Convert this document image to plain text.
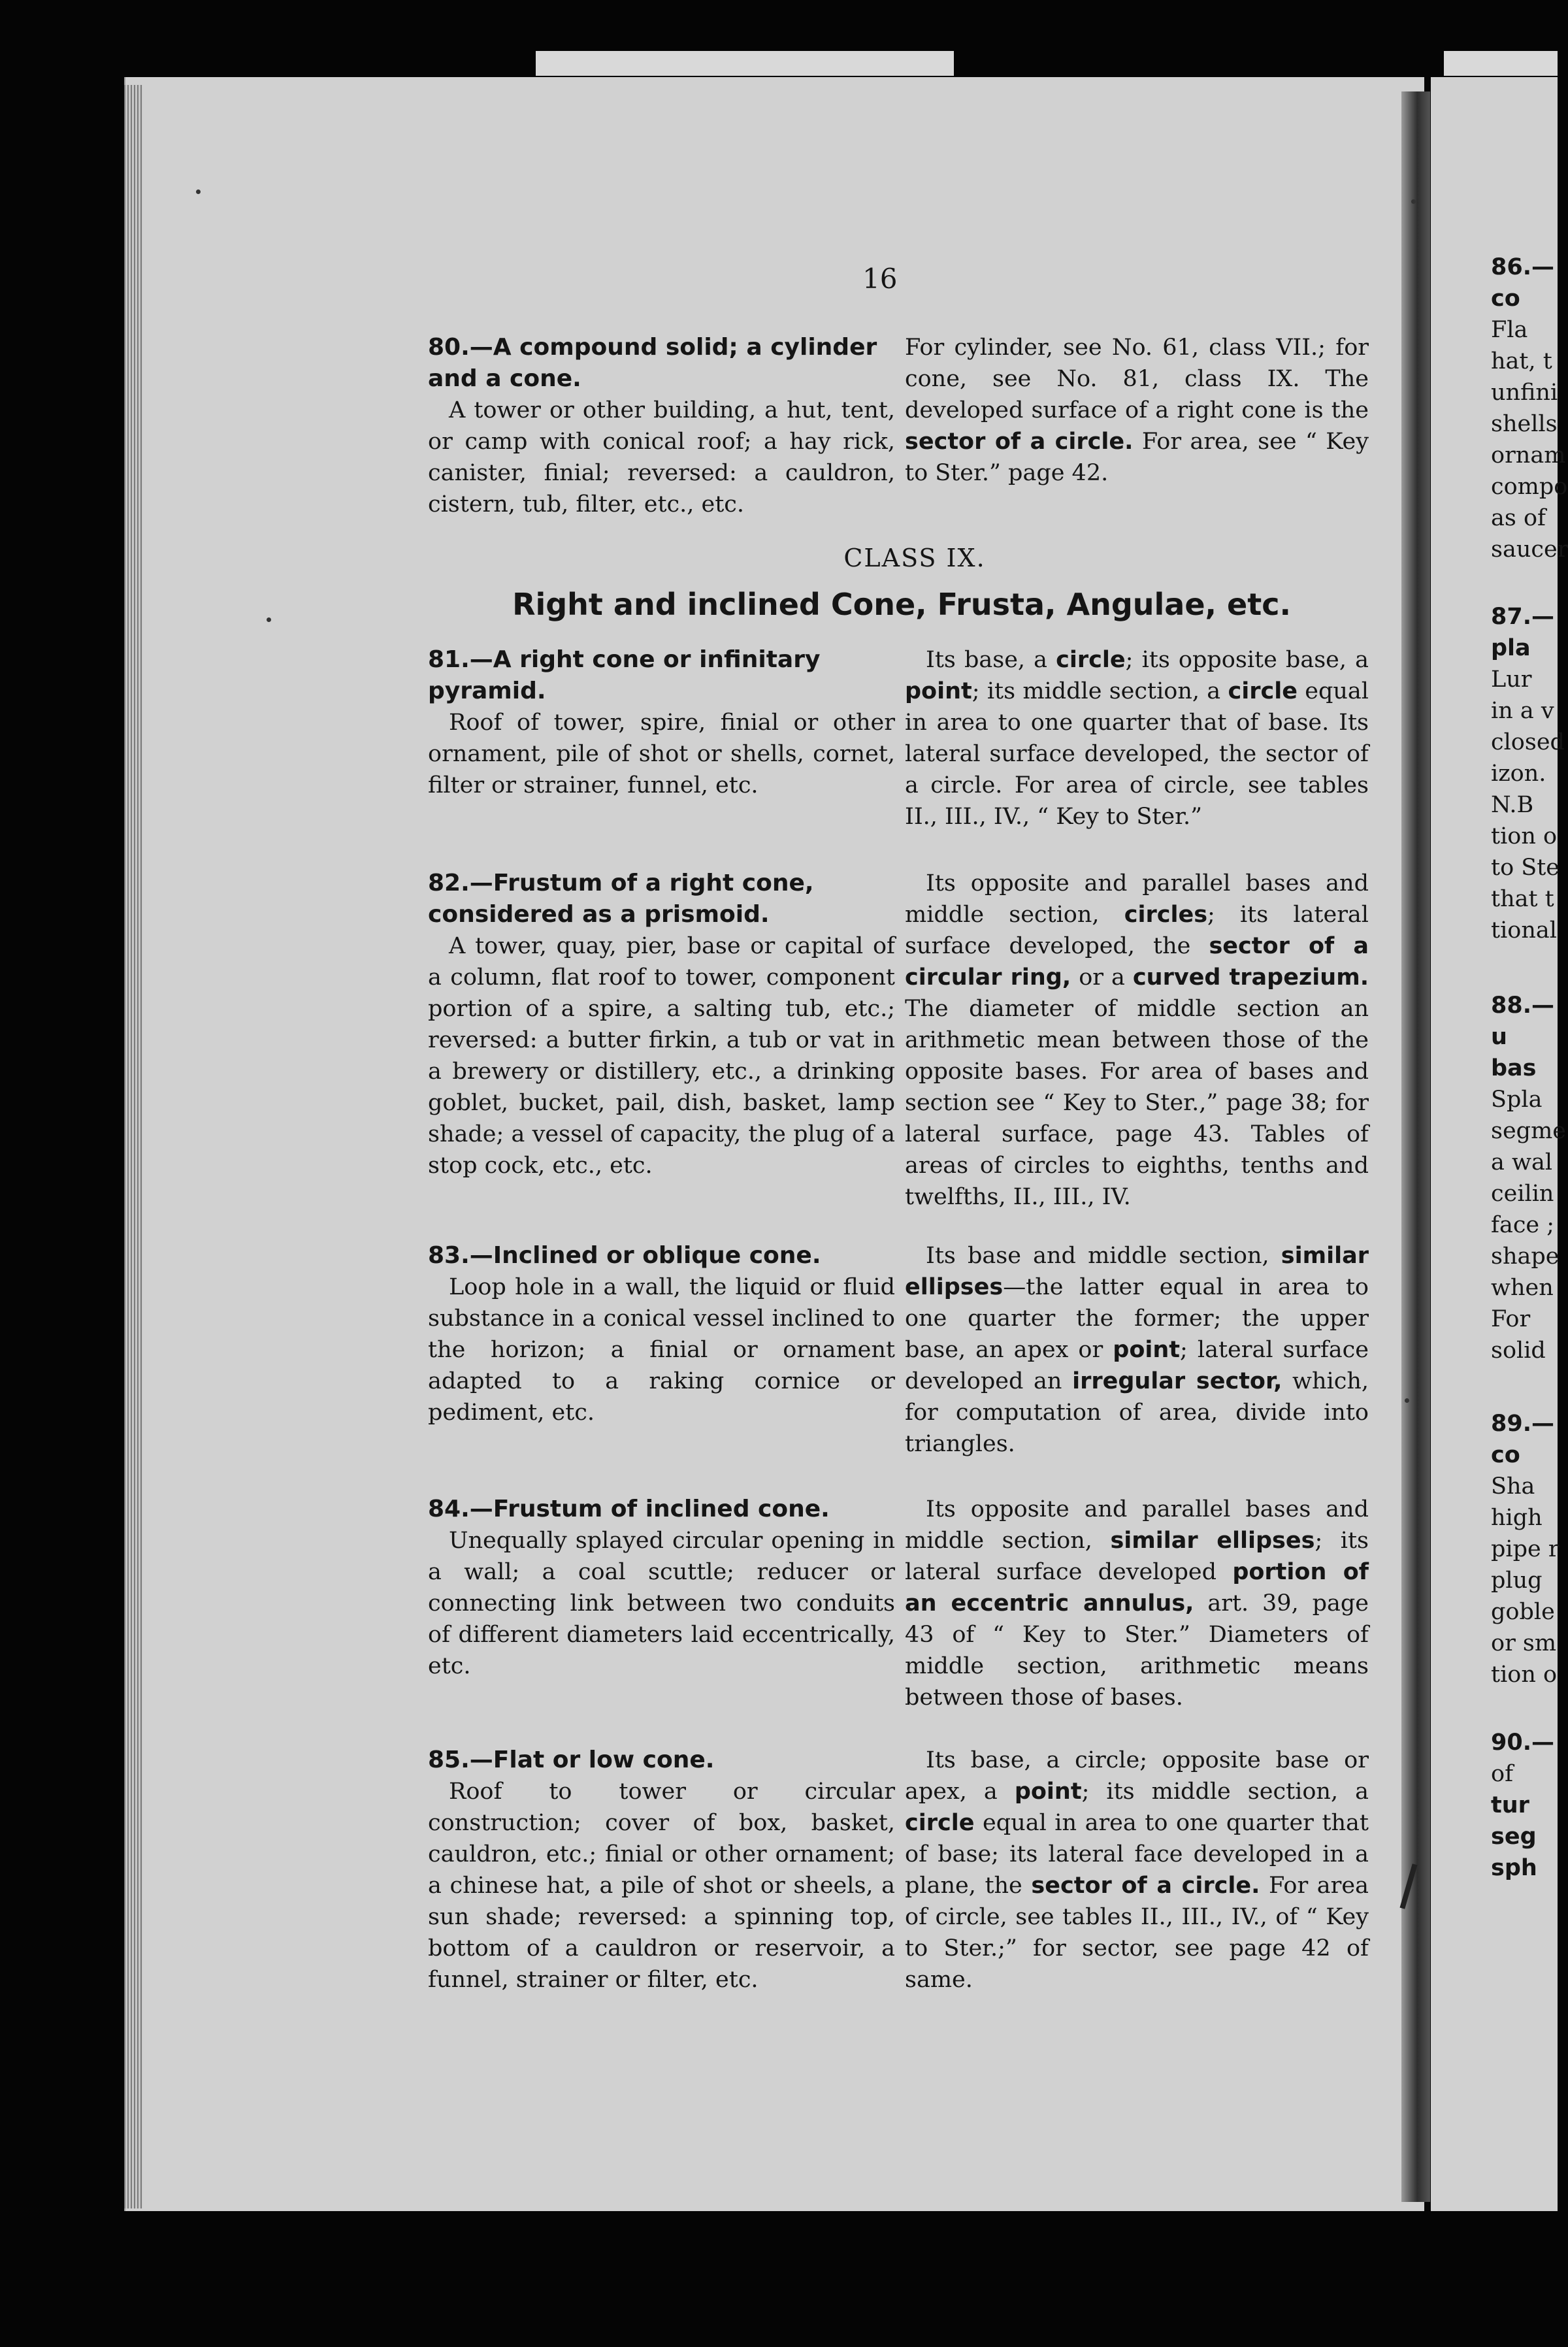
86.—
co
Fla
hat, t
unfini
shells
ornam
compo
as of
saucer
87.—
pla
Lur
in a v
closed
izon.
N.B
tion o
to Ste
that t
tional
88.—
u
bas
Spla
segme
a wal
ceilin
face ;
shape
when
For
solid
89.—
co
Sha
high
pipe r
plug
goble
or sm
tion o
90.—
of
tur
seg
sph
16
80.—A compound solid; a cylinder and a cone.
A tower or other building, a hut, tent, or camp with conical roof; a hay rick, canister, finial; reversed: a cauldron, cistern, tub, filter, etc., etc.
For cylinder, see No. 61, class VII.; for cone, see No. 81, class IX. The developed surface of a right cone is the sector of a circle. For area, see “ Key to Ster.” page 42.
CLASS IX.
Right and inclined Cone, Frusta, Angulae, etc.
81.—A right cone or infinitary pyramid.
Roof of tower, spire, finial or other ornament, pile of shot or shells, cornet, filter or strainer, funnel, etc.
Its base, a circle; its opposite base, a point; its middle section, a circle equal in area to one quarter that of base. Its lateral surface developed, the sector of a circle. For area of circle, see tables II., III., IV., “ Key to Ster.”
82.—Frustum of a right cone, considered as a prismoid.
A tower, quay, pier, base or capital of a column, flat roof to tower, component portion of a spire, a salting tub, etc.; reversed: a butter firkin, a tub or vat in a brewery or distillery, etc., a drinking goblet, bucket, pail, dish, basket, lamp shade; a vessel of capacity, the plug of a stop cock, etc., etc.
Its opposite and parallel bases and middle section, circles; its lateral surface developed, the sector of a circular ring, or a curved trapezium. The diameter of middle section an arithmetic mean between those of the opposite bases. For area of bases and section see “ Key to Ster.,” page 38; for lateral surface, page 43. Tables of areas of circles to eighths, tenths and twelfths, II., III., IV.
83.—Inclined or oblique cone.
Loop hole in a wall, the liquid or fluid substance in a conical vessel inclined to the horizon; a finial or ornament adapted to a raking cornice or pediment, etc.
Its base and middle section, similar ellipses—the latter equal in area to one quarter the former; the upper base, an apex or point; lateral surface developed an irregular sector, which, for computation of area, divide into triangles.
84.—Frustum of inclined cone.
Unequally splayed circular opening in a wall; a coal scuttle; reducer or connecting link between two conduits of different diameters laid eccentrically, etc.
Its opposite and parallel bases and middle section, similar ellipses; its lateral surface developed portion of an eccentric annulus, art. 39, page 43 of “ Key to Ster.” Diameters of middle section, arithmetic means between those of bases.
85.—Flat or low cone.
Roof to tower or circular construction; cover of box, basket, cauldron, etc.; finial or other ornament; a chinese hat, a pile of shot or sheels, a sun shade; reversed: a spinning top, bottom of a cauldron or reservoir, a funnel, strainer or filter, etc.
Its base, a circle; opposite base or apex, a point; its middle section, a circle equal in area to one quarter that of base; its lateral face developed in a plane, the sector of a circle. For area of circle, see tables II., III., IV., of “ Key to Ster.;” for sector, see page 42 of same.
